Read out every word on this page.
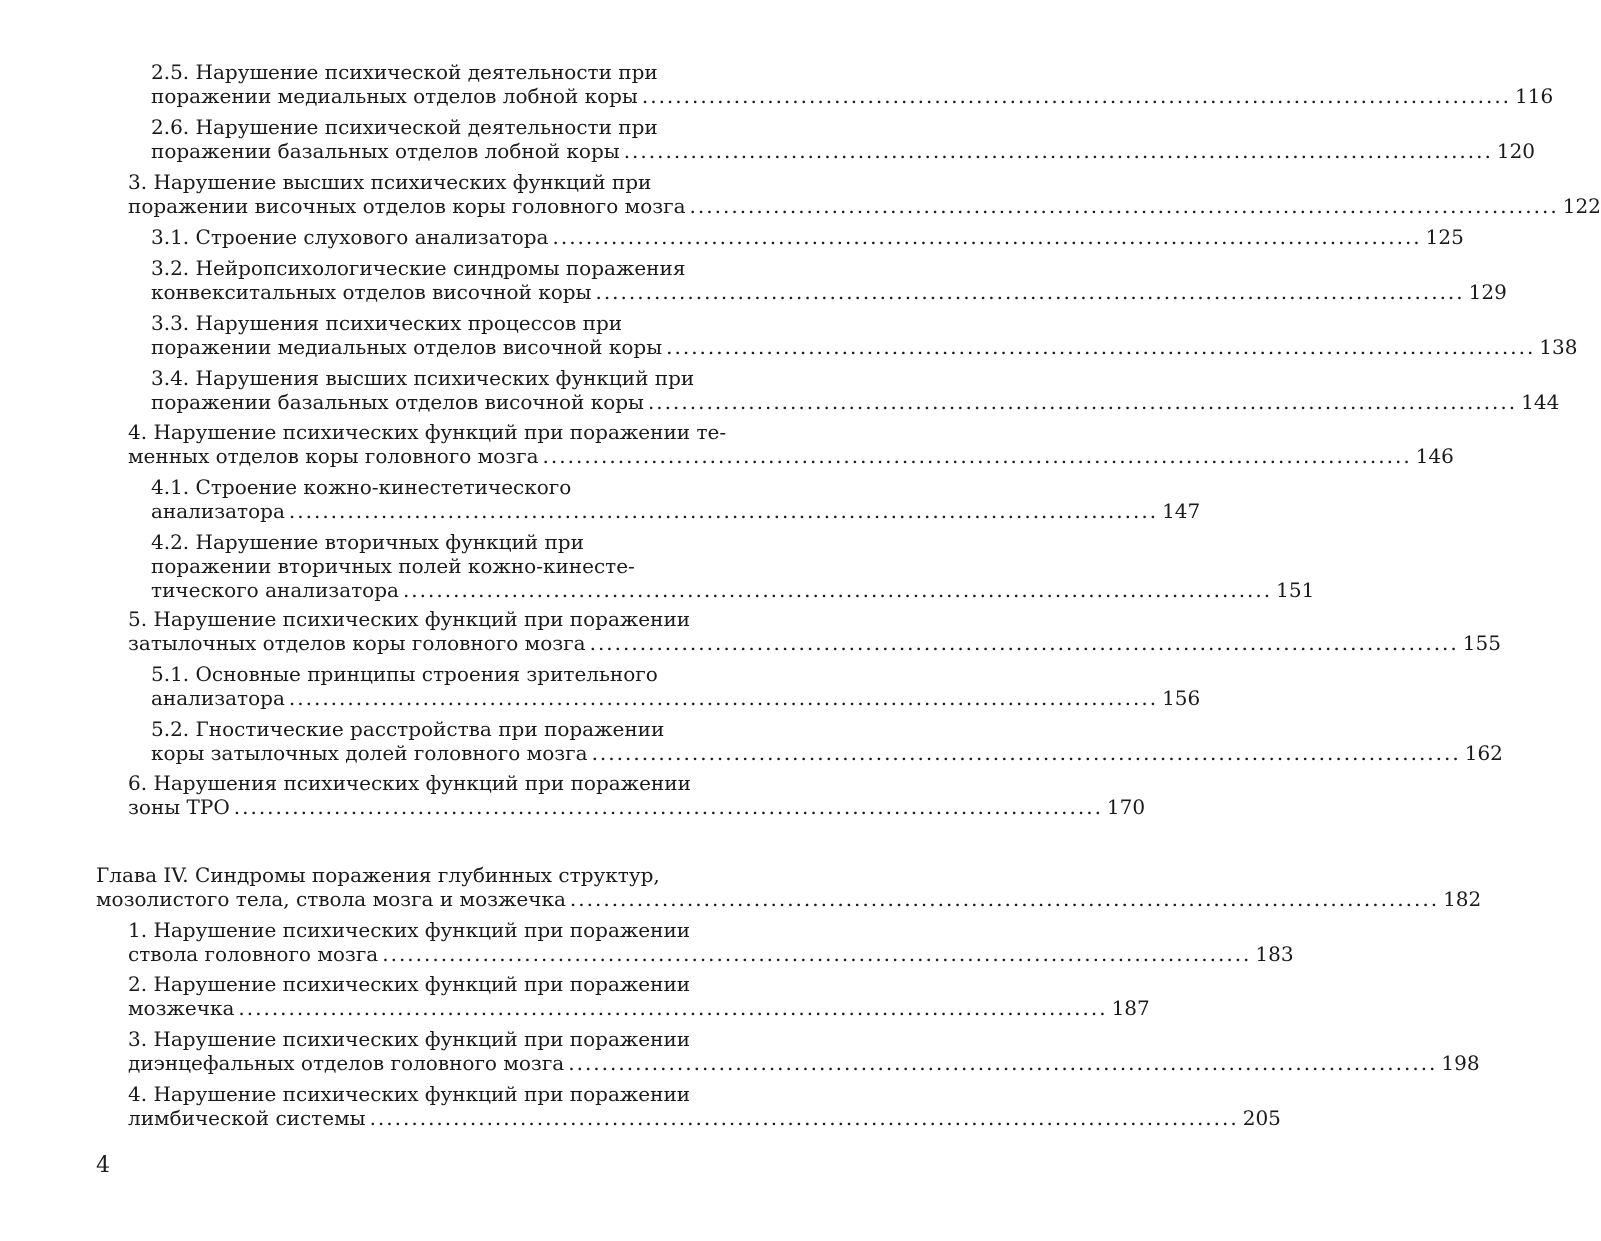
2.5. Нарушение психической деятельности при
поражении медиальных отделов лобной коры ........................................................................................................ 116
2.6. Нарушение психической деятельности при
поражении базальных отделов лобной коры ........................................................................................................ 120
3. Нарушение высших психических функций при
поражении височных отделов коры головного мозга ........................................................................................................ 122
3.1. Строение слухового анализатора ........................................................................................................ 125
3.2. Нейропсихологические синдромы поражения
конвекситальных отделов височной коры ........................................................................................................ 129
3.3. Нарушения психических процессов при
поражении медиальных отделов височной коры ........................................................................................................ 138
3.4. Нарушения высших психических функций при
поражении базальных отделов височной коры ........................................................................................................ 144
4. Нарушение психических функций при поражении те-
менных отделов коры головного мозга ........................................................................................................ 146
4.1. Строение кожно-кинестетического
анализатора ........................................................................................................ 147
4.2. Нарушение вторичных функций при
поражении вторичных полей кожно-кинесте-
тического анализатора ........................................................................................................ 151
5. Нарушение психических функций при поражении
затылочных отделов коры головного мозга ........................................................................................................ 155
5.1. Основные принципы строения зрительного
анализатора ........................................................................................................ 156
5.2. Гностические расстройства при поражении
коры затылочных долей головного мозга ........................................................................................................ 162
6. Нарушения психических функций при поражении
зоны ТРО ........................................................................................................ 170
Глава IV. Синдромы поражения глубинных структур,
мозолистого тела, ствола мозга и мозжечка ........................................................................................................ 182
1. Нарушение психических функций при поражении
ствола головного мозга ........................................................................................................ 183
2. Нарушение психических функций при поражении
мозжечка ........................................................................................................ 187
3. Нарушение психических функций при поражении
диэнцефальных отделов головного мозга ........................................................................................................ 198
4. Нарушение психических функций при поражении
лимбической системы ........................................................................................................ 205
4
